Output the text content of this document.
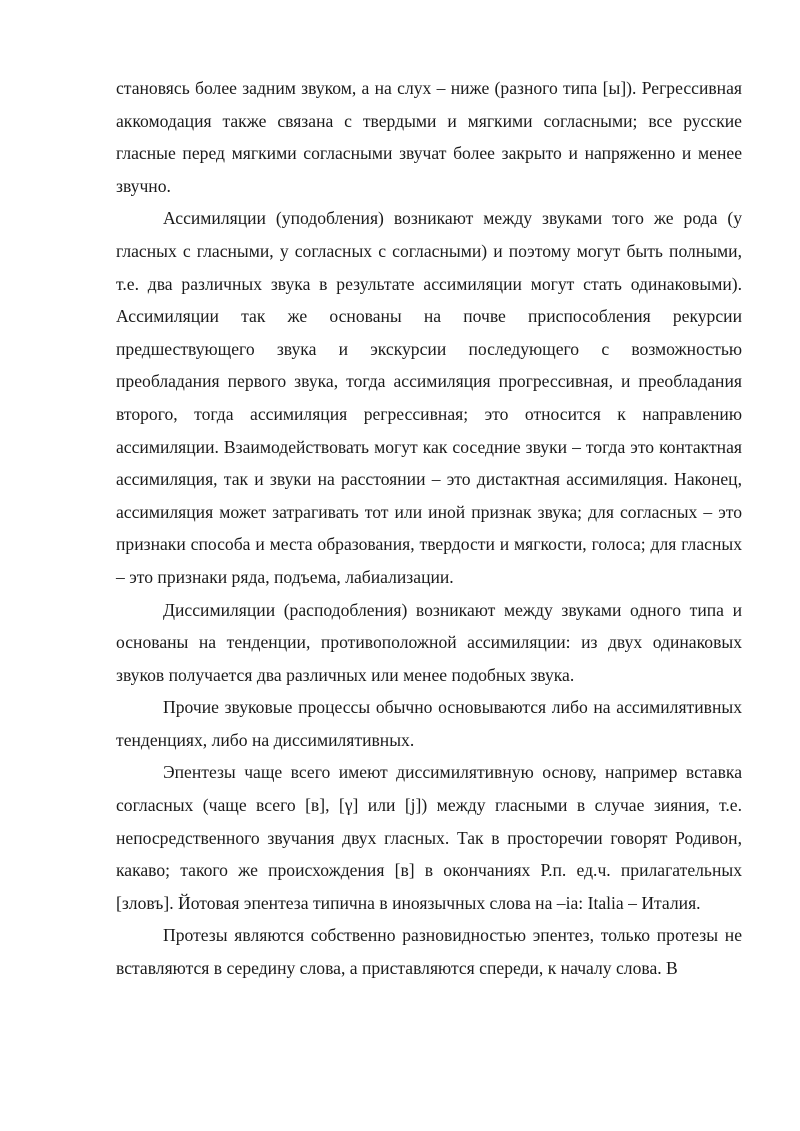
становясь более задним звуком, а на слух – ниже (разного типа [ы]). Регрессивная аккомодация также связана с твердыми и мягкими согласными; все русские гласные перед мягкими согласными звучат более закрыто и напряженно и менее звучно.

Ассимиляции (уподобления) возникают между звуками того же рода (у гласных с гласными, у согласных с согласными) и поэтому могут быть полными, т.е. два различных звука в результате ассимиляции могут стать одинаковыми). Ассимиляции так же основаны на почве приспособления рекурсии предшествующего звука и экскурсии последующего с возможностью преобладания первого звука, тогда ассимиляция прогрессивная, и преобладания второго, тогда ассимиляция регрессивная; это относится к направлению ассимиляции. Взаимодействовать могут как соседние звуки – тогда это контактная ассимиляция, так и звуки на расстоянии – это дистактная ассимиляция. Наконец, ассимиляция может затрагивать тот или иной признак звука; для согласных – это признаки способа и места образования, твердости и мягкости, голоса; для гласных – это признаки ряда, подъема, лабиализации.

Диссимиляции (расподобления) возникают между звуками одного типа и основаны на тенденции, противоположной ассимиляции: из двух одинаковых звуков получается два различных или менее подобных звука.

Прочие звуковые процессы обычно основываются либо на ассимилятивных тенденциях, либо на диссимилятивных.

Эпентезы чаще всего имеют диссимилятивную основу, например вставка согласных (чаще всего [в], [γ] или [j]) между гласными в случае зияния, т.е. непосредственного звучания двух гласных. Так в просторечии говорят Родивон, какаво; такого же происхождения [в] в окончаниях Р.п. ед.ч. прилагательных [зловъ]. Йотовая эпентеза типична в иноязычных слова на –ia: Italia – Италия.

Протезы являются собственно разновидностью эпентез, только протезы не вставляются в середину слова, а приставляются спереди, к началу слова. В
